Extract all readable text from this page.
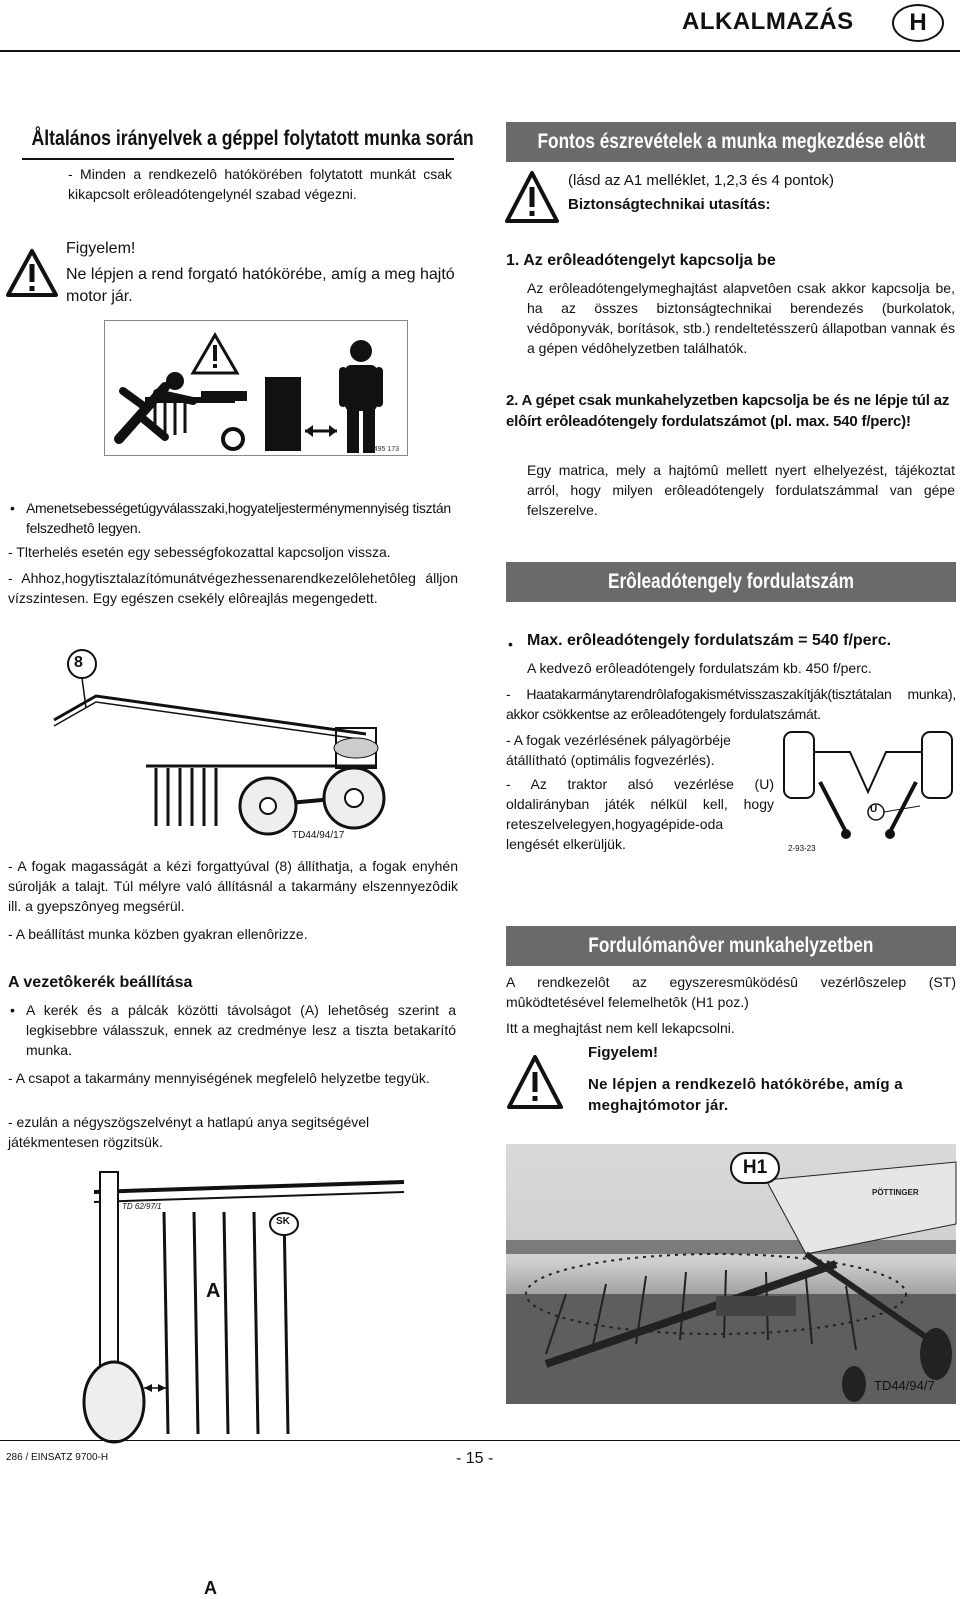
ALKALMAZÁS	H
Åltalános irányelvek a géppel folytatott munka során
- Minden a rendkezelô hatókörében folytatott munkát csak kikapcsolt erôleadótengelynél szabad végezni.
Figyelem!
Ne lépjen a rend forgató hatókörébe, amíg a meg hajtó motor jár.
495 173
• Amenetsebességetúgyválasszaki,hogyateljesterménymennyiség tisztán felszedhetô legyen.
- Tlterhelés esetén egy sebességfokozattal kapcsoljon vissza.
- Ahhoz,hogytisztalazítómunátvégezhessenarendkezelôlehetôleg álljon vízszintesen. Egy egészen csekély elôreajlás megengedett.
8
TD44/94/17
- A fogak magasságát a kézi forgattyúval (8) állíthatja, a fogak enyhén súrolják a talajt. Túl mélyre való állításnál a takarmány elszennyezôdik ill. a gyepszônyeg megsérül.
- A beállítást munka közben gyakran ellenôrizze.
A vezetôkerék beállítása
• A kerék és a pálcák közötti távolságot (A) lehetôség szerint a legkisebbre válasszuk, ennek az credménye lesz a tiszta betakarító munka.
- A csapot a takarmány mennyiségének megfelelô helyzetbe tegyük.
- ezulán a négyszögszelvényt a hatlapú anya segitségével játékmentesen rögzitsük.
TD 62/97/1
SK
A
A
Fontos észrevételek a munka megkezdése elôtt
(lásd az A1 melléklet, 1,2,3 és 4 pontok)
Biztonságtechnikai utasítás:
1. Az erôleadótengelyt kapcsolja be
Az erôleadótengelymeghajtást alapvetôen csak akkor kapcsolja be, ha az összes biztonságtechnikai berendezés (burkolatok, védôponyvák, borítások, stb.) rendeltetésszerû állapotban vannak és a gépen védôhelyzetben találhatók.
2. A gépet csak munkahelyzetben kapcsolja be és ne lépje túl az elôírt erôleadótengely fordulatszámot (pl. max. 540 f/perc)!
Egy matrica, mely a hajtómû mellett nyert elhelyezést, tájékoztat arról, hogy milyen erôleadótengely fordulatszámmal van gépe felszerelve.
Erôleadótengely fordulatszám
• Max. erôleadótengely fordulatszám = 540 f/perc.
A kedvezô erôleadótengely fordulatszám kb. 450 f/perc.
- Haatakarmánytarendrôlafogakismétvisszaszakítják(tisztátalan munka), akkor csökkentse az erôleadótengely fordulatszámát.
- A fogak vezérlésének pályagörbéje átállítható (optimális fogvezérlés).
- Az traktor alsó vezérlése (U) oldalirányban játék nélkül kell, hogy reteszelvelegyen,hogyagépide-oda lengését elkerüljük.
U
2-93-23
Fordulómanôver munkahelyzetben
A rendkezelôt az egyszeresmûködésû vezérlôszelep (ST) mûködtetésével felemelhetôk (H1 poz.)
Itt a meghajtást nem kell lekapcsolni.
Figyelem!
Ne lépjen a rendkezelô hatókörébe, amíg a meghajtómotor jár.
H1
PÖTTINGER
TD44/94/7
286 / EINSATZ 9700-H	- 15 -
